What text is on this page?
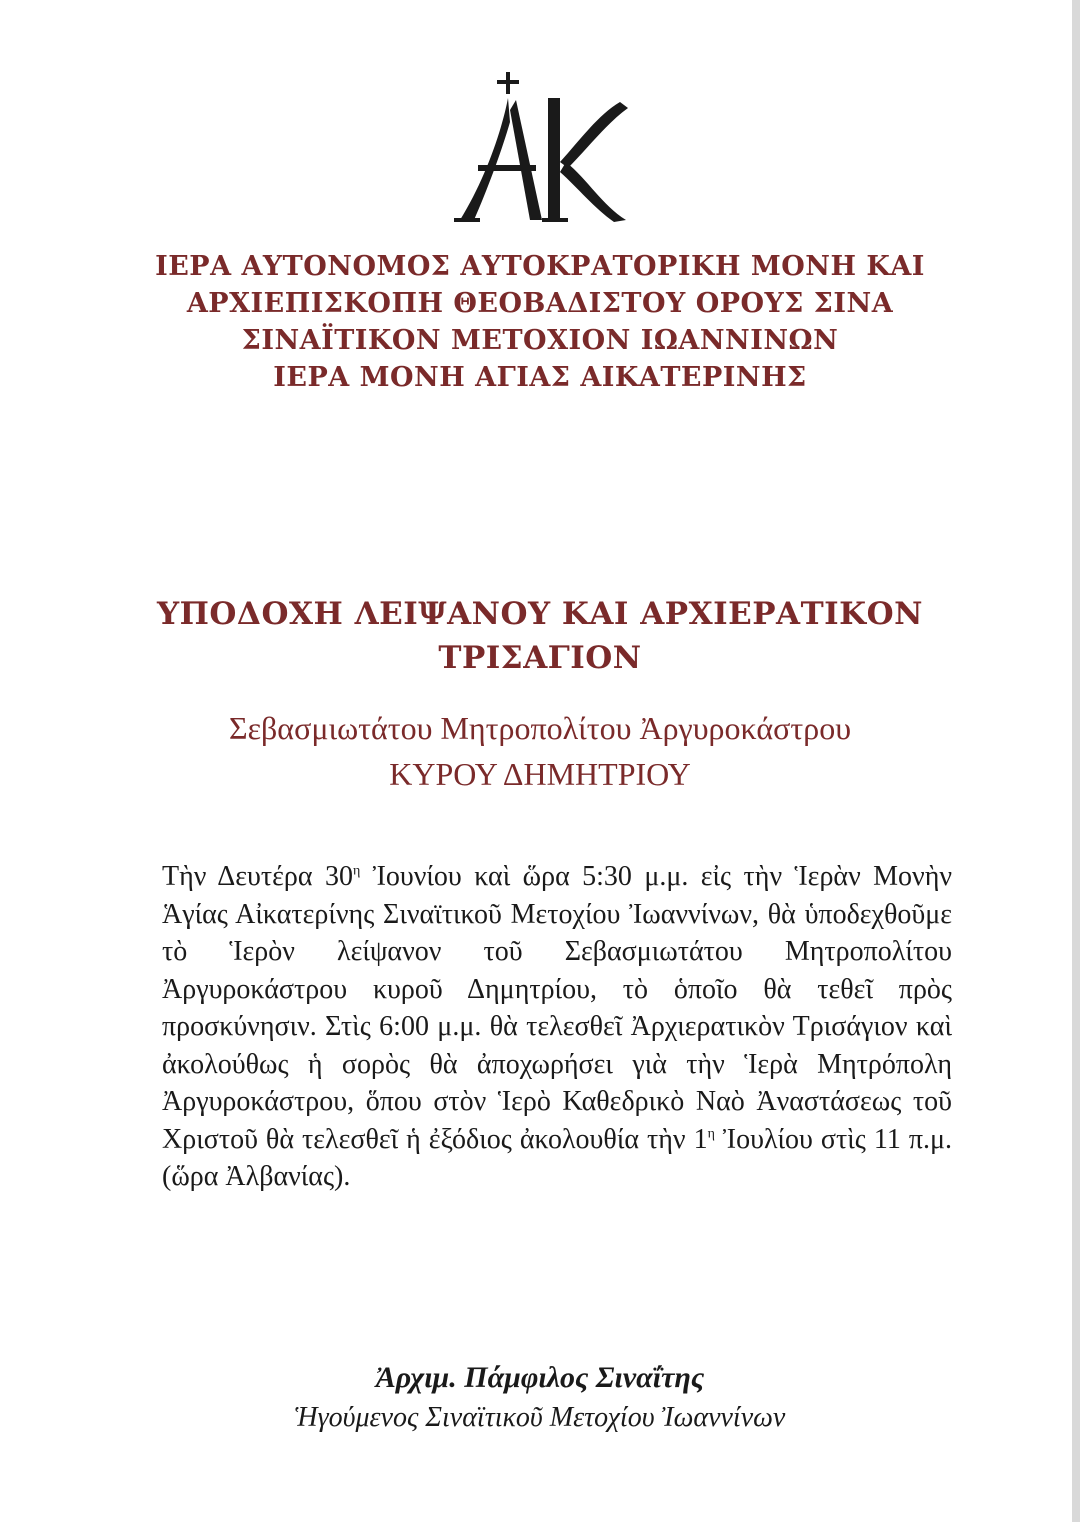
ΙΕΡΑ ΑΥΤΟΝΟΜΟΣ ΑΥΤΟΚΡΑΤΟΡΙΚΗ ΜΟΝΗ ΚΑΙ
ΑΡΧΙΕΠΙΣΚΟΠΗ ΘΕΟΒΑΔΙΣΤΟΥ ΟΡΟΥΣ ΣΙΝΑ
ΣΙΝΑΪΤΙΚΟΝ ΜΕΤΟΧΙΟΝ ΙΩΑΝΝΙΝΩΝ
ΙΕΡΑ ΜΟΝΗ ΑΓΙΑΣ ΑΙΚΑΤΕΡΙΝΗΣ
ΥΠΟΔΟΧΗ ΛΕΙΨΑΝΟΥ ΚΑΙ ΑΡΧΙΕΡΑΤΙΚΟΝ
ΤΡΙΣΑΓΙΟΝ
Σεβασμιωτάτου Μητροπολίτου Ἀργυροκάστρου
ΚΥΡΟΥ ΔΗΜΗΤΡΙΟΥ

Τὴν Δευτέρα $30^\eta$ Ἰουνίου καὶ ὥρα 5:30 μ.μ. εἰς τὴν Ἱερὰν Μονὴν Ἁγίας Αἰκατερίνης Σιναϊτικοῦ Μετοχίου Ἰωαννίνων, θὰ ὑποδεχθοῦμε τὸ Ἱερὸν λείψανον τοῦ Σεβασμιωτάτου Μητροπολίτου Ἀργυροκάστρου κυροῦ Δημητρίου, τὸ ὁποῖο θὰ τεθεῖ πρὸς προσκύνησιν. Στὶς 6:00 μ.μ. θὰ τελεσθεῖ Ἀρχιερατικὸν Τρισάγιον καὶ ἀκολούθως ἡ σορὸς θὰ ἀποχωρήσει γιὰ τὴν Ἱερὰ Μητρόπολη Ἀργυροκάστρου, ὅπου στὸν Ἱερὸ Καθεδρικὸ Ναὸ Ἀναστάσεως τοῦ Χριστοῦ θὰ τελεσθεῖ ἡ ἐξόδιος ἀκολουθία τὴν $1^\eta$ Ἰουλίου στὶς 11 π.μ. (ὥρα Ἀλβανίας).

Ἀρχιμ. Πάμφιλος Σιναΐτης
Ἡγούμενος Σιναϊτικοῦ Μετοχίου Ἰωαννίνων
